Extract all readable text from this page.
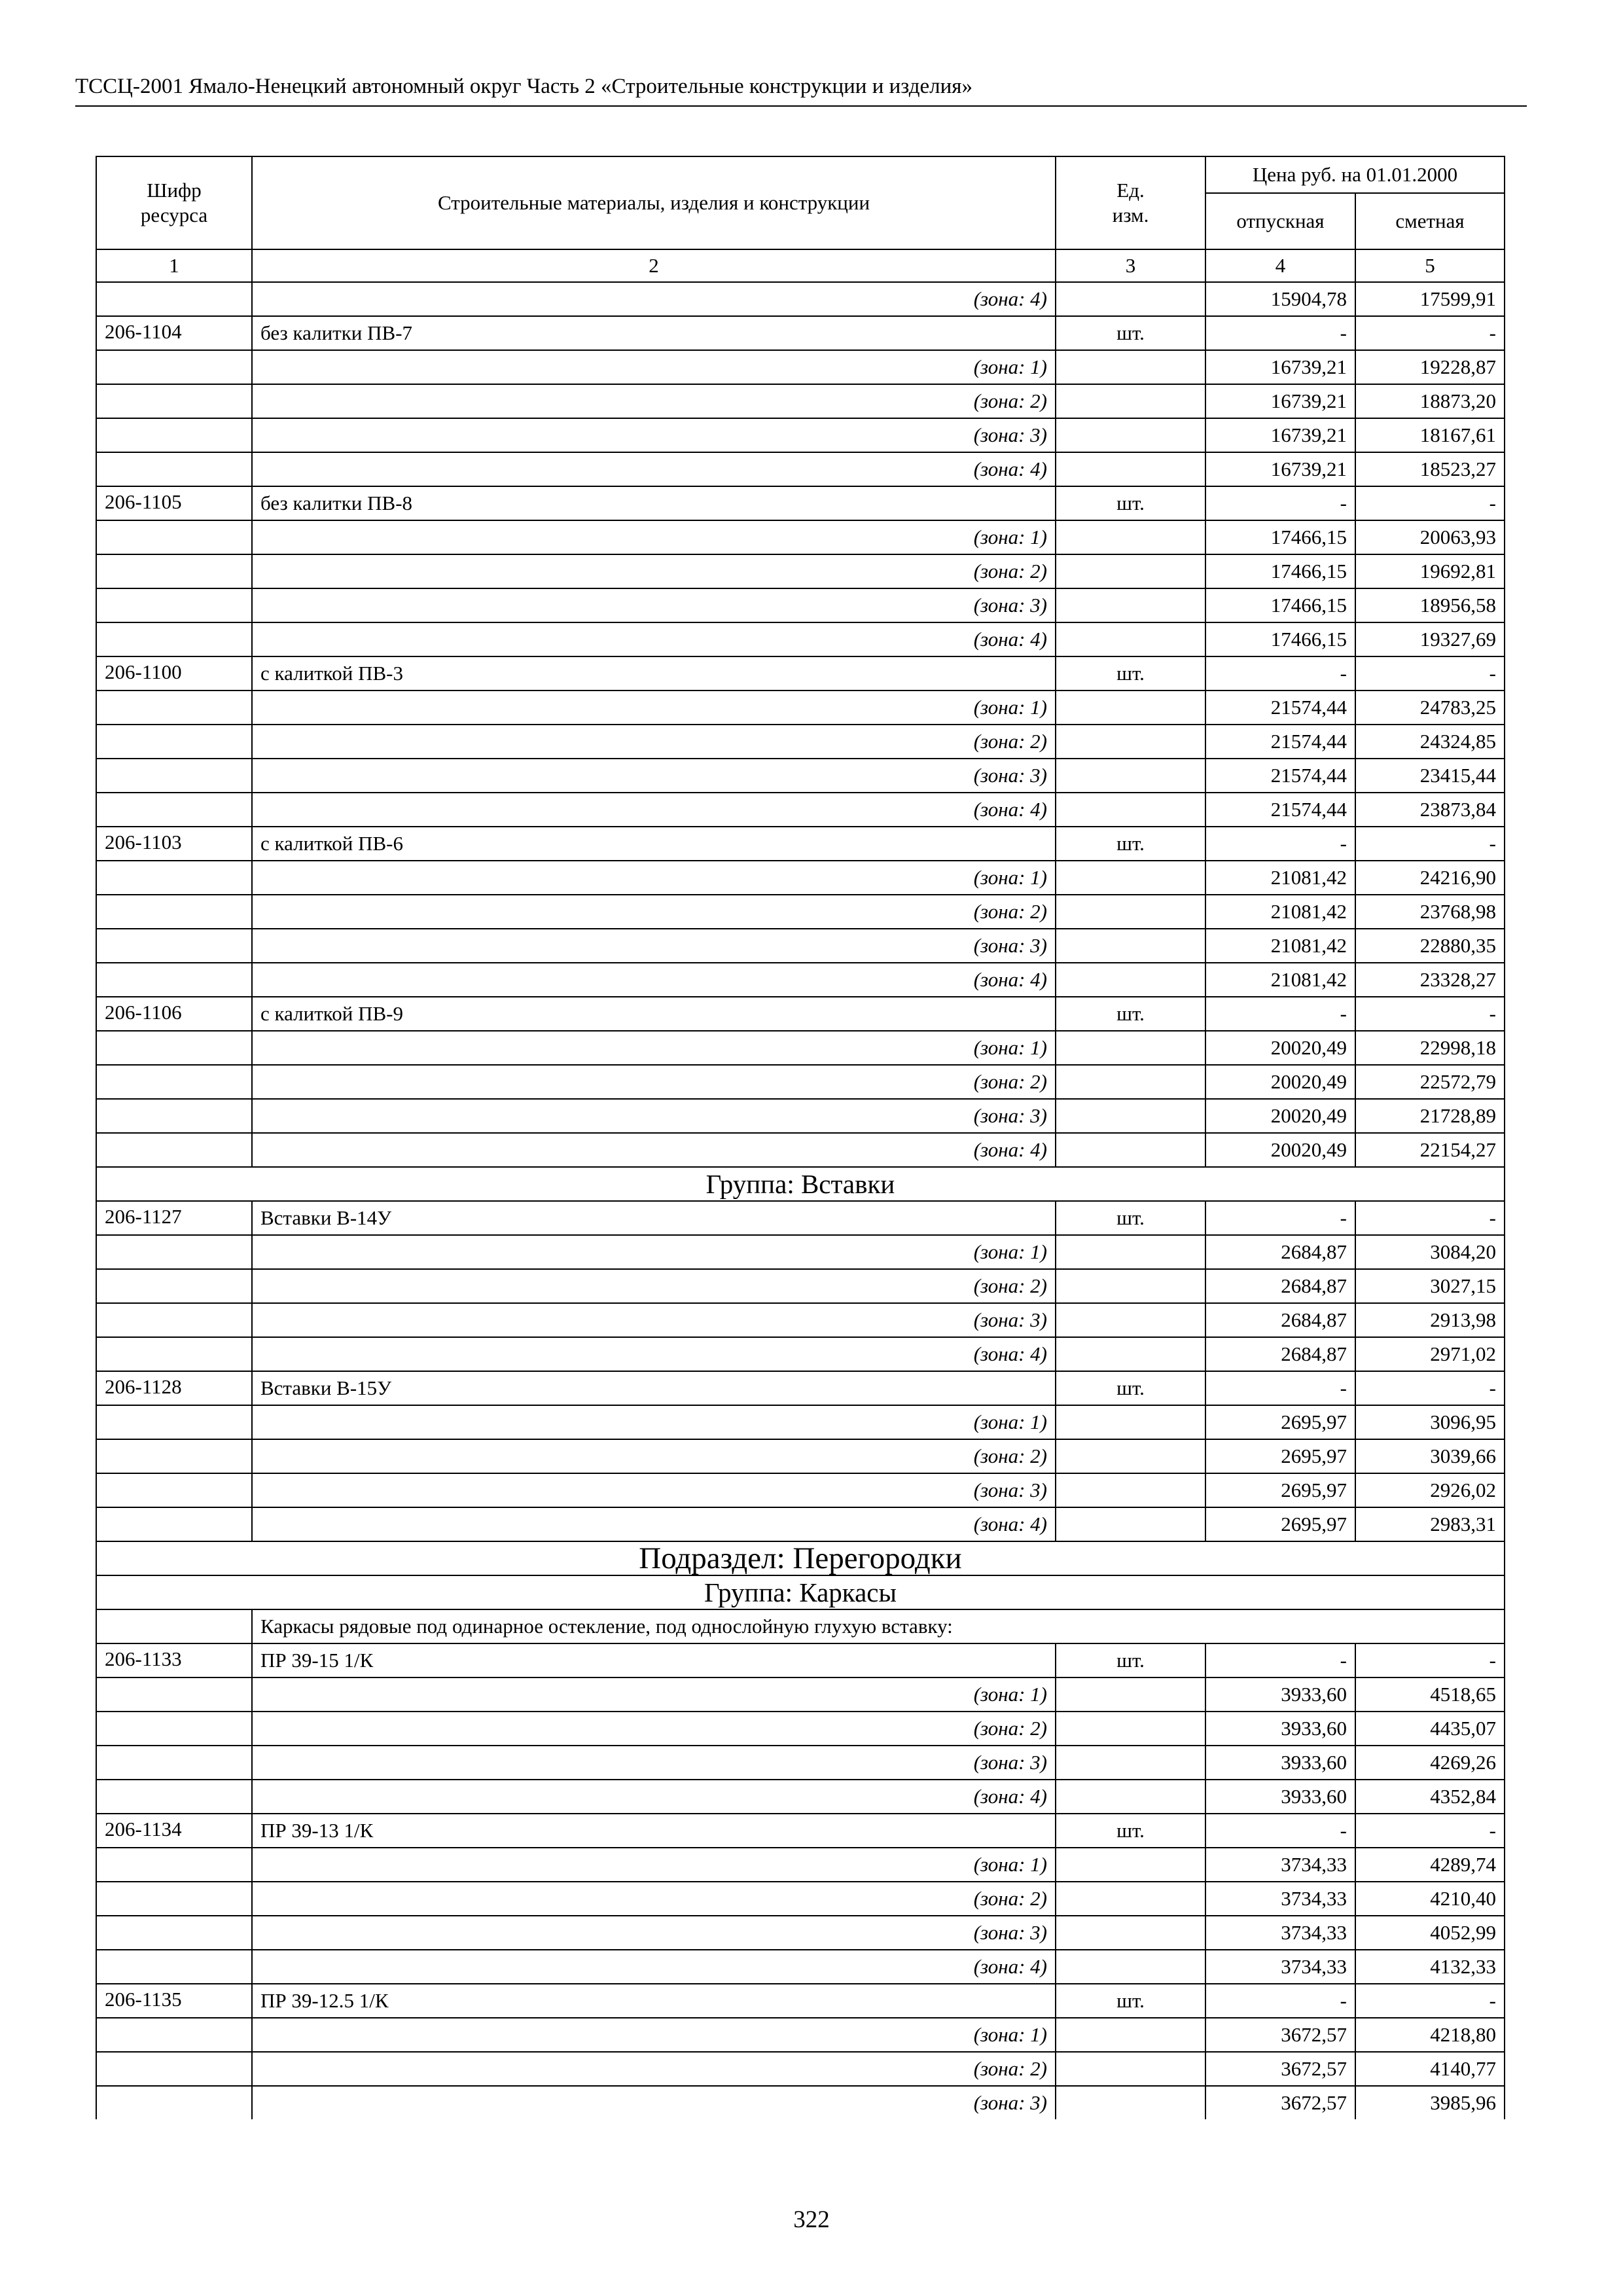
ТССЦ-2001 Ямало-Ненецкий автономный округ Часть 2 «Строительные конструкции и изделия»
Шифр ресурса	Строительные материалы, изделия и конструкции	Ед. изм.	Цена руб. на 01.01.2000	
			отпускная	сметная
1	2	3	4	5
	(зона: 4)		15904,78	17599,91
206-1104	без калитки ПВ-7	шт.	-	-
	(зона: 1)		16739,21	19228,87
	(зона: 2)		16739,21	18873,20
	(зона: 3)		16739,21	18167,61
	(зона: 4)		16739,21	18523,27
206-1105	без калитки ПВ-8	шт.	-	-
	(зона: 1)		17466,15	20063,93
	(зона: 2)		17466,15	19692,81
	(зона: 3)		17466,15	18956,58
	(зона: 4)		17466,15	19327,69
206-1100	с калиткой ПВ-3	шт.	-	-
	(зона: 1)		21574,44	24783,25
	(зона: 2)		21574,44	24324,85
	(зона: 3)		21574,44	23415,44
	(зона: 4)		21574,44	23873,84
206-1103	с калиткой ПВ-6	шт.	-	-
	(зона: 1)		21081,42	24216,90
	(зона: 2)		21081,42	23768,98
	(зона: 3)		21081,42	22880,35
	(зона: 4)		21081,42	23328,27
206-1106	с калиткой ПВ-9	шт.	-	-
	(зона: 1)		20020,49	22998,18
	(зона: 2)		20020,49	22572,79
	(зона: 3)		20020,49	21728,89
	(зона: 4)		20020,49	22154,27
Группа: Вставки				
206-1127	Вставки В-14У	шт.	-	-
	(зона: 1)		2684,87	3084,20
	(зона: 2)		2684,87	3027,15
	(зона: 3)		2684,87	2913,98
	(зона: 4)		2684,87	2971,02
206-1128	Вставки В-15У	шт.	-	-
	(зона: 1)		2695,97	3096,95
	(зона: 2)		2695,97	3039,66
	(зона: 3)		2695,97	2926,02
	(зона: 4)		2695,97	2983,31
Подраздел: Перегородки				
Группа: Каркасы				
	Каркасы рядовые под одинарное остекление, под однослойную глухую вставку:			
206-1133	ПР 39-15 1/К	шт.	-	-
	(зона: 1)		3933,60	4518,65
	(зона: 2)		3933,60	4435,07
	(зона: 3)		3933,60	4269,26
	(зона: 4)		3933,60	4352,84
206-1134	ПР 39-13 1/К	шт.	-	-
	(зона: 1)		3734,33	4289,74
	(зона: 2)		3734,33	4210,40
	(зона: 3)		3734,33	4052,99
	(зона: 4)		3734,33	4132,33
206-1135	ПР 39-12.5 1/К	шт.	-	-
	(зона: 1)		3672,57	4218,80
	(зона: 2)		3672,57	4140,77
	(зона: 3)		3672,57	3985,96
322
